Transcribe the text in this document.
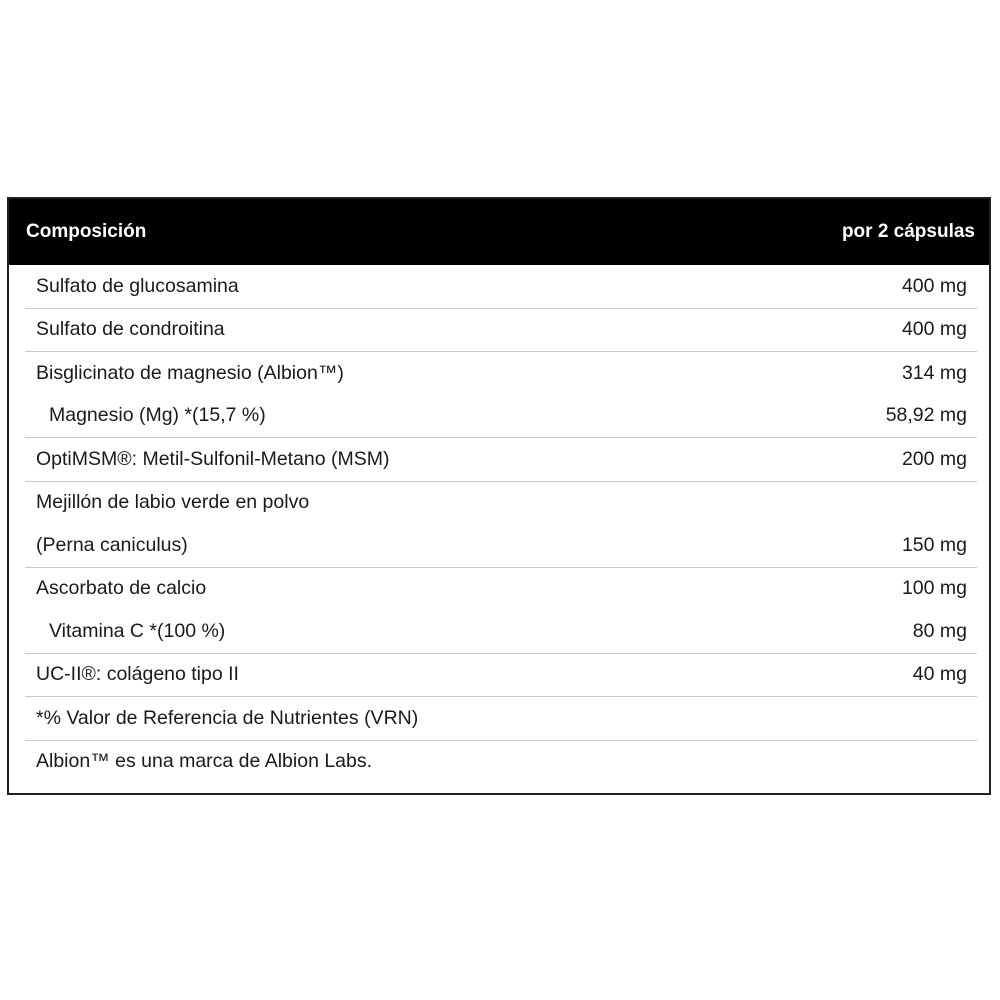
Composición	por 2 cápsulas
Sulfato de glucosamina	400 mg
Sulfato de condroitina	400 mg
Bisglicinato de magnesio (Albion™)	314 mg
Magnesio (Mg) *(15,7 %)	58,92 mg
OptiMSM®: Metil-Sulfonil-Metano (MSM)	200 mg
Mejillón de labio verde en polvo
(Perna caniculus)	150 mg
Ascorbato de calcio	100 mg
Vitamina C *(100 %)	80 mg
UC-II®: colágeno tipo II	40 mg
*% Valor de Referencia de Nutrientes (VRN)
Albion™ es una marca de Albion Labs.
